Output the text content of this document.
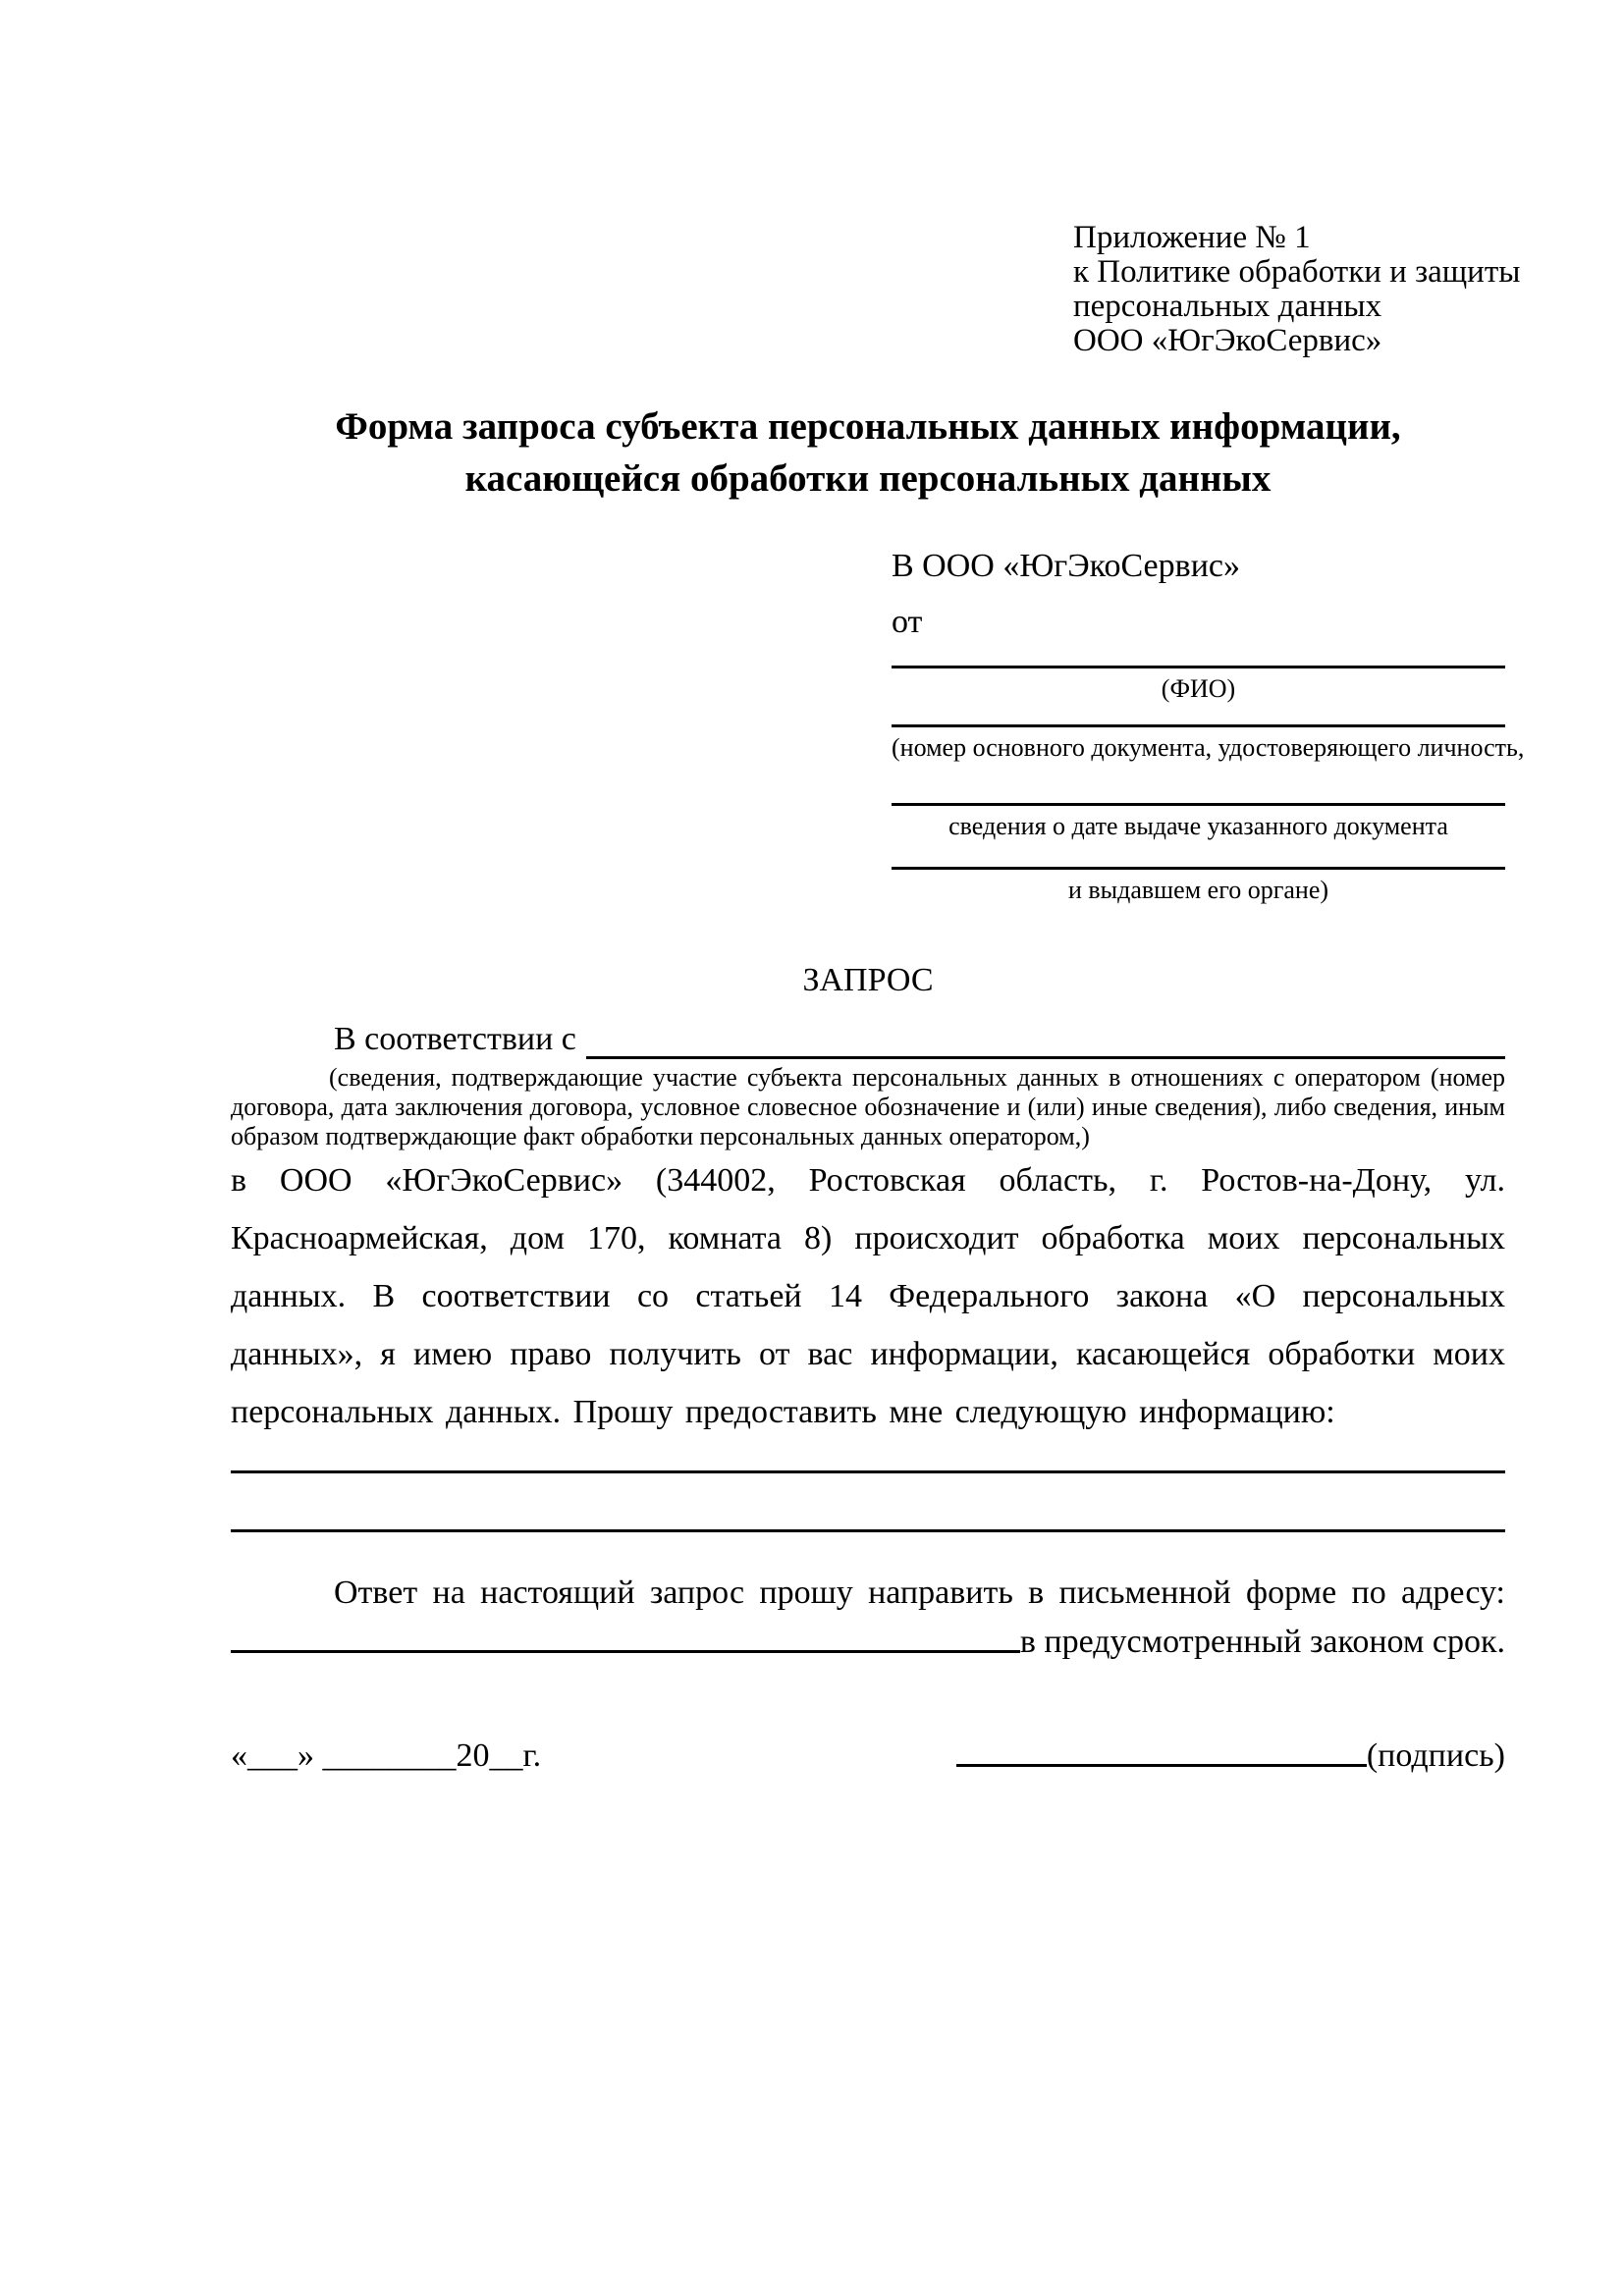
Приложение № 1
к Политике обработки и защиты
персональных данных
ООО «ЮгЭкоСервис»
Форма запроса субъекта персональных данных информации,
касающейся обработки персональных данных
В ООО «ЮгЭкоСервис»
от
(ФИО)
(номер основного документа, удостоверяющего личность,
сведения о дате выдаче указанного документа
и выдавшем его органе)
ЗАПРОС
В соответствии с
(сведения, подтверждающие участие субъекта персональных данных в отношениях с оператором (номер договора, дата заключения договора, условное словесное обозначение и (или) иные сведения), либо сведения, иным образом подтверждающие факт обработки персональных данных оператором,)

в ООО «ЮгЭкоСервис» (344002, Ростовская область, г. Ростов-на-Дону, ул. Красноармейская, дом 170, комната 8) происходит обработка моих персональных данных. В соответствии со статьей 14 Федерального закона «О персональных данных», я имею право получить от вас информации, касающейся обработки моих персональных данных. Прошу предоставить мне следующую информацию:

Ответ на настоящий запрос прошу направить в письменной форме по адресу:

в предусмотренный законом срок.
«___» ________20__г.	(подпись)
